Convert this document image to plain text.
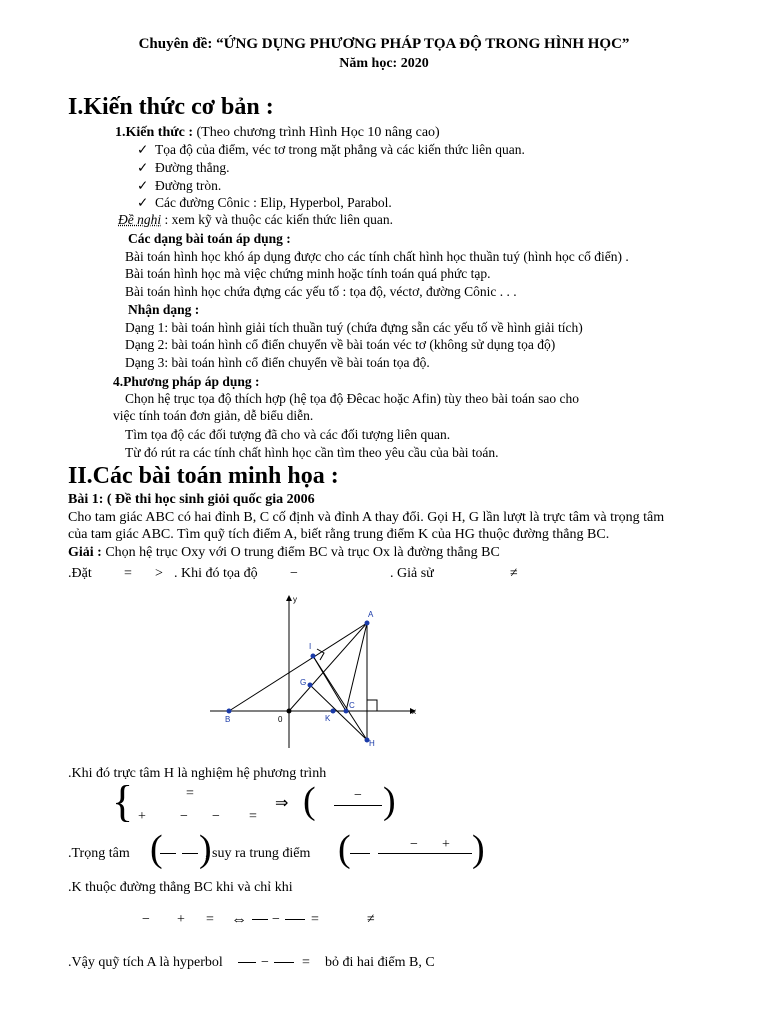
Chuyên đề: “ỨNG DỤNG PHƯƠNG PHÁP TỌA ĐỘ TRONG HÌNH HỌC”
Năm học: 2020
I.Kiến thức cơ bản :
1.Kiến thức : (Theo chương trình Hình Học 10 nâng cao)
✓ Tọa độ của điểm, véc tơ trong mặt phẳng và các kiến thức liên quan.
✓ Đường thẳng.
✓ Đường tròn.
✓ Các đường Cônic : Elip, Hyperbol, Parabol.
Đề nghị : xem kỹ và thuộc các kiến thức liên quan.
Các dạng bài toán áp dụng :
Bài toán hình học khó áp dụng được cho các tính chất hình học thuần tuý (hình học cổ điển) .
Bài toán hình học mà việc chứng minh hoặc tính toán quá phức tạp.
Bài toán hình học chứa đựng các yếu tố : tọa độ, véctơ, đường Cônic . . .
Nhận dạng :
Dạng 1: bài toán hình giải tích thuần tuý (chứa đựng sẵn các yếu tố về hình giải tích)
Dạng 2: bài toán hình cổ điển chuyển về bài toán véc tơ (không sử dụng tọa độ)
Dạng 3: bài toán hình cổ điển chuyển về bài toán tọa độ.
4.Phương pháp áp dụng :
Chọn hệ trục tọa độ thích hợp (hệ tọa độ Đêcac hoặc Afin) tùy theo bài toán sao cho
việc tính toán đơn giản, dễ biểu diễn.
Tìm tọa độ các đối tượng đã cho và các đối tượng liên quan.
Từ đó rút ra các tính chất hình học cần tìm theo yêu cầu của bài toán.
II.Các bài toán minh họa :
Bài 1: ( Đề thi học sinh giỏi quốc gia 2006
Cho tam giác ABC có hai đỉnh B, C cố định và đỉnh A thay đổi. Gọi H, G lần lượt là trực tâm và trọng tâm
của tam giác ABC. Tìm quỹ tích điểm A, biết rằng trung điểm K của HG thuộc đường thẳng BC.
Giải : Chọn hệ trục Oxy với O trung điểm BC và trục Ox là đường thẳng BC
.Đặt = > . Khi đó tọa độ −	. Giả sử	≠
B	0
C
K
A
H
G
I
x
y
.Khi đó trực tâm H là nghiệm hệ phương trình
{	=
+ − − =
⇒ (	− )
.Trọng tâm ( )
, suy ra trung điểm (	− + )
.K thuộc đường thẳng BC khi và chỉ khi
− + = ⇔ − =	≠
.Vậy quỹ tích A là hyperbol	− = bỏ đi hai điểm B, C
